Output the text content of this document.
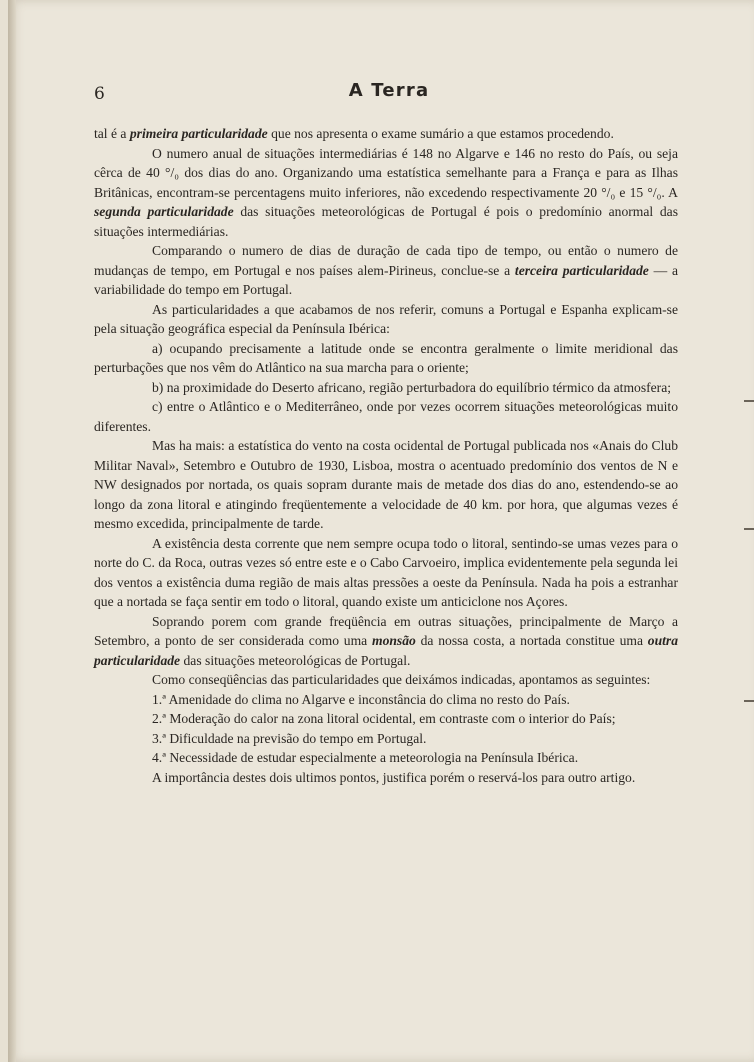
6	A Terra

tal é a primeira particularidade que nos apresenta o exame sumário a que estamos procedendo.

O numero anual de situações intermediárias é 148 no Algarve e 146 no resto do País, ou seja cêrca de 40 °/₀ dos dias do ano. Organizando uma estatística semelhante para a França e para as Ilhas Britânicas, encontram-se percentagens muito inferiores, não excedendo respectivamente 20 °/₀ e 15 °/₀. A segunda particularidade das situações meteorológicas de Portugal é pois o predomínio anormal das situações intermediárias.

Comparando o numero de dias de duração de cada tipo de tempo, ou então o numero de mudanças de tempo, em Portugal e nos países alem-Pirineus, conclue-se a terceira particularidade — a variabilidade do tempo em Portugal.

As particularidades a que acabamos de nos referir, comuns a Portugal e Espanha explicam-se pela situação geográfica especial da Península Ibérica:

a) ocupando precisamente a latitude onde se encontra geralmente o limite meridional das perturbações que nos vêm do Atlântico na sua marcha para o oriente;

b) na proximidade do Deserto africano, região perturbadora do equilíbrio térmico da atmosfera;

c) entre o Atlântico e o Mediterrâneo, onde por vezes ocorrem situações meteorológicas muito diferentes.

Mas ha mais: a estatística do vento na costa ocidental de Portugal publicada nos «Anais do Club Militar Naval», Setembro e Outubro de 1930, Lisboa, mostra o acentuado predomínio dos ventos de N e NW designados por nortada, os quais sopram durante mais de metade dos dias do ano, estendendo-se ao longo da zona litoral e atingindo freqüentemente a velocidade de 40 km. por hora, que algumas vezes é mesmo excedida, principalmente de tarde.

A existência desta corrente que nem sempre ocupa todo o litoral, sentindo-se umas vezes para o norte do C. da Roca, outras vezes só entre este e o Cabo Carvoeiro, implica evidentemente pela segunda lei dos ventos a existência duma região de mais altas pressões a oeste da Península. Nada ha pois a estranhar que a nortada se faça sentir em todo o litoral, quando existe um anticiclone nos Açores.

Soprando porem com grande freqüência em outras situações, principalmente de Março a Setembro, a ponto de ser considerada como uma monsão da nossa costa, a nortada constitue uma outra particularidade das situações meteorológicas de Portugal.

Como conseqüências das particularidades que deixámos indicadas, apontamos as seguintes:

1.ª Amenidade do clima no Algarve e inconstância do clima no resto do País.

2.ª Moderação do calor na zona litoral ocidental, em contraste com o interior do País;

3.ª Dificuldade na previsão do tempo em Portugal.

4.ª Necessidade de estudar especialmente a meteorologia na Península Ibérica.

A importância destes dois ultimos pontos, justifica porém o reservá-los para outro artigo.
